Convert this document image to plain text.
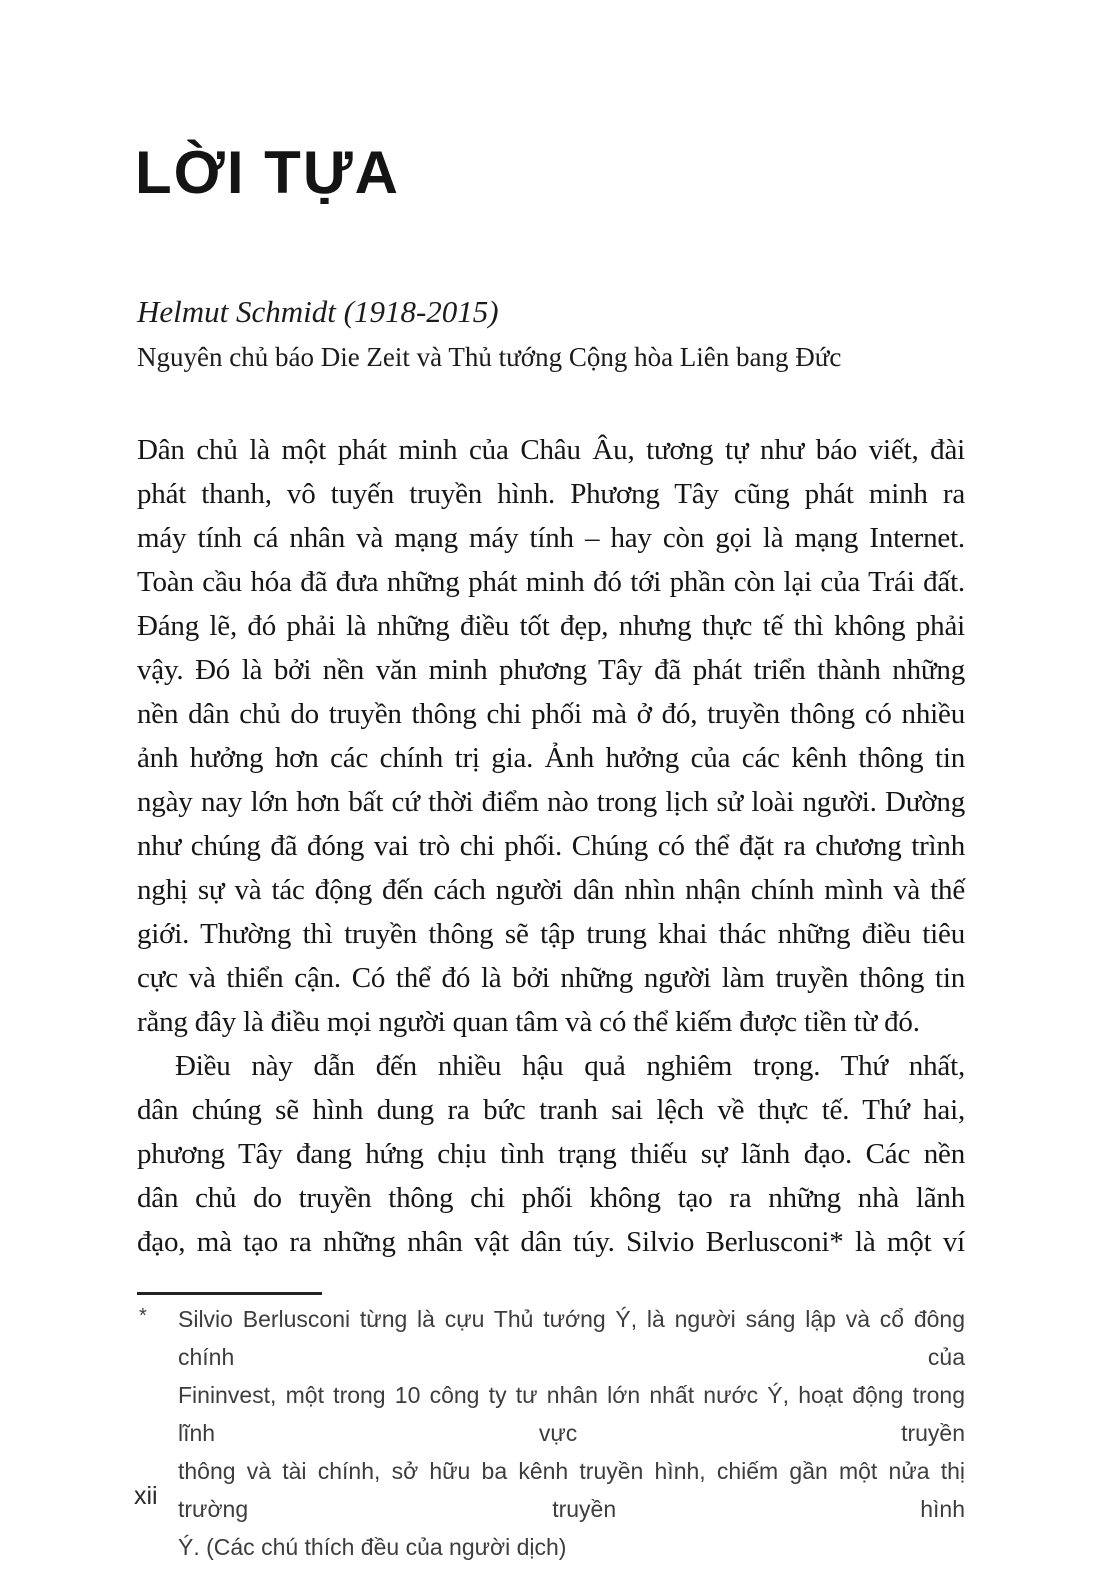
LỜI TỰA
Helmut Schmidt (1918-2015)
Nguyên chủ báo Die Zeit và Thủ tướng Cộng hòa Liên bang Đức
Dân chủ là một phát minh của Châu Âu, tương tự như báo viết, đài
phát thanh, vô tuyến truyền hình. Phương Tây cũng phát minh ra
máy tính cá nhân và mạng máy tính – hay còn gọi là mạng Internet.
Toàn cầu hóa đã đưa những phát minh đó tới phần còn lại của Trái đất.
Đáng lẽ, đó phải là những điều tốt đẹp, nhưng thực tế thì không phải
vậy. Đó là bởi nền văn minh phương Tây đã phát triển thành những
nền dân chủ do truyền thông chi phối mà ở đó, truyền thông có nhiều
ảnh hưởng hơn các chính trị gia. Ảnh hưởng của các kênh thông tin
ngày nay lớn hơn bất cứ thời điểm nào trong lịch sử loài người. Dường
như chúng đã đóng vai trò chi phối. Chúng có thể đặt ra chương trình
nghị sự và tác động đến cách người dân nhìn nhận chính mình và thế
giới. Thường thì truyền thông sẽ tập trung khai thác những điều tiêu
cực và thiển cận. Có thể đó là bởi những người làm truyền thông tin
rằng đây là điều mọi người quan tâm và có thể kiếm được tiền từ đó.
Điều này dẫn đến nhiều hậu quả nghiêm trọng. Thứ nhất,
dân chúng sẽ hình dung ra bức tranh sai lệch về thực tế. Thứ hai,
phương Tây đang hứng chịu tình trạng thiếu sự lãnh đạo. Các nền
dân chủ do truyền thông chi phối không tạo ra những nhà lãnh
đạo, mà tạo ra những nhân vật dân túy. Silvio Berlusconi* là một ví
* Silvio Berlusconi từng là cựu Thủ tướng Ý, là người sáng lập và cổ đông chính của
Fininvest, một trong 10 công ty tư nhân lớn nhất nước Ý, hoạt động trong lĩnh vực truyền
thông và tài chính, sở hữu ba kênh truyền hình, chiếm gần một nửa thị trường truyền hình
Ý. (Các chú thích đều của người dịch)
xii
